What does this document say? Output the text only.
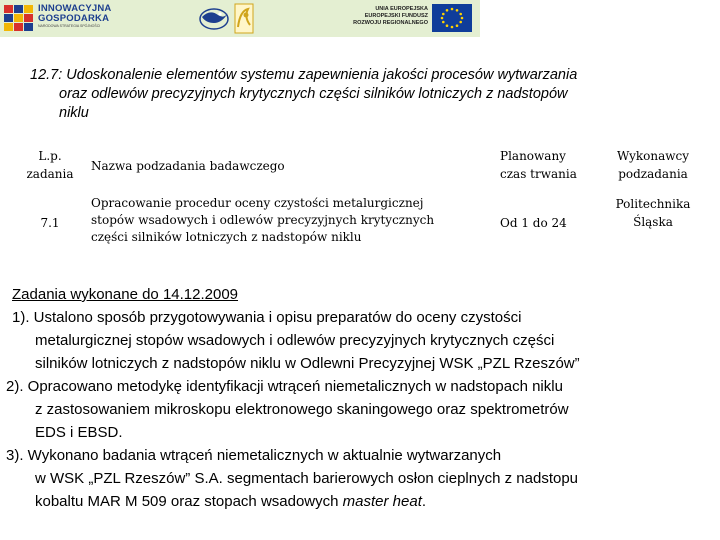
INNOWACYJNA
GOSPODARKA
NARODOWA STRATEGIA SPÓJNOŚCI
UNIA EUROPEJSKA
EUROPEJSKI FUNDUSZ
ROZWOJU REGIONALNEGO
12.7: Udoskonalenie elementów systemu zapewnienia jakości procesów wytwarzania
oraz odlewów precyzyjnych krytycznych części silników lotniczych z nadstopów
niklu
L.p.
zadania
Nazwa podzadania badawczego
Planowany
czas trwania
Wykonawcy
podzadania
7.1
Opracowanie procedur oceny czystości metalurgicznej
stopów wsadowych i odlewów precyzyjnych krytycznych
części silników lotniczych z nadstopów niklu
Od 1 do 24
Politechnika
Śląska
Zadania wykonane do 14.12.2009
1). Ustalono sposób przygotowywania i opisu preparatów do oceny czystości
metalurgicznej stopów wsadowych i odlewów precyzyjnych krytycznych części
silników lotniczych z nadstopów niklu w Odlewni Precyzyjnej WSK „PZL Rzeszów”
2). Opracowano metodykę identyfikacji wtrąceń niemetalicznych w nadstopach niklu
z zastosowaniem mikroskopu elektronowego skaningowego oraz spektrometrów
EDS i EBSD.
3). Wykonano badania wtrąceń niemetalicznych w aktualnie wytwarzanych
w WSK „PZL Rzeszów” S.A. segmentach barierowych osłon cieplnych z nadstopu
kobaltu MAR M 509 oraz stopach wsadowych master heat.
